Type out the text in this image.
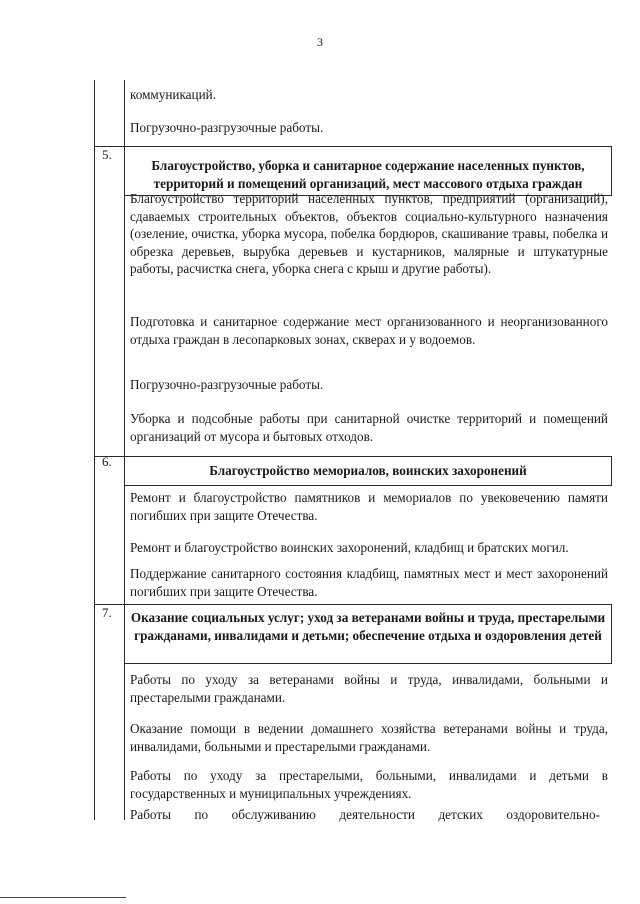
3

коммуникаций.

Погрузочно-разгрузочные работы.

5.

Благоустройство, уборка и санитарное содержание населенных пунктов, территорий и помещений организаций, мест массового отдыха граждан

Благоустройство территорий населенных пунктов, предприятий (организаций), сдаваемых строительных объектов, объектов социально-культурного назначения (озеление, очистка, уборка мусора, побелка бордюров, скашивание травы, побелка и обрезка деревьев, вырубка деревьев и кустарников, малярные и штукатурные работы, расчистка снега, уборка снега с крыш и другие работы).

Подготовка и санитарное содержание мест организованного и неорганизованного отдыха граждан в лесопарковых зонах, скверах и у водоемов.

Погрузочно-разгрузочные работы.

Уборка и подсобные работы при санитарной очистке территорий и помещений организаций от мусора и бытовых отходов.

6.

Благоустройство мемориалов, воинских захоронений

Ремонт и благоустройство памятников и мемориалов по увековечению памяти погибших при защите Отечества.

Ремонт и благоустройство воинских захоронений, кладбищ и братских могил.

Поддержание санитарного состояния кладбищ, памятных мест и мест захоронений погибших при защите Отечества.

7.	Оказание социальных услуг; уход за ветеранами войны и труда, престарелыми гражданами, инвалидами и детьми; обеспечение отдыха и оздоровления детей

Работы по уходу за ветеранами войны и труда, инвалидами, больными и престарелыми гражданами.

Оказание помощи в ведении домашнего хозяйства ветеранами войны и труда, инвалидами, больными и престарелыми гражданами.

Работы по уходу за престарелыми, больными, инвалидами и детьми в государственных и муниципальных учреждениях.

Работы по обслуживанию деятельности детских оздоровительно-
